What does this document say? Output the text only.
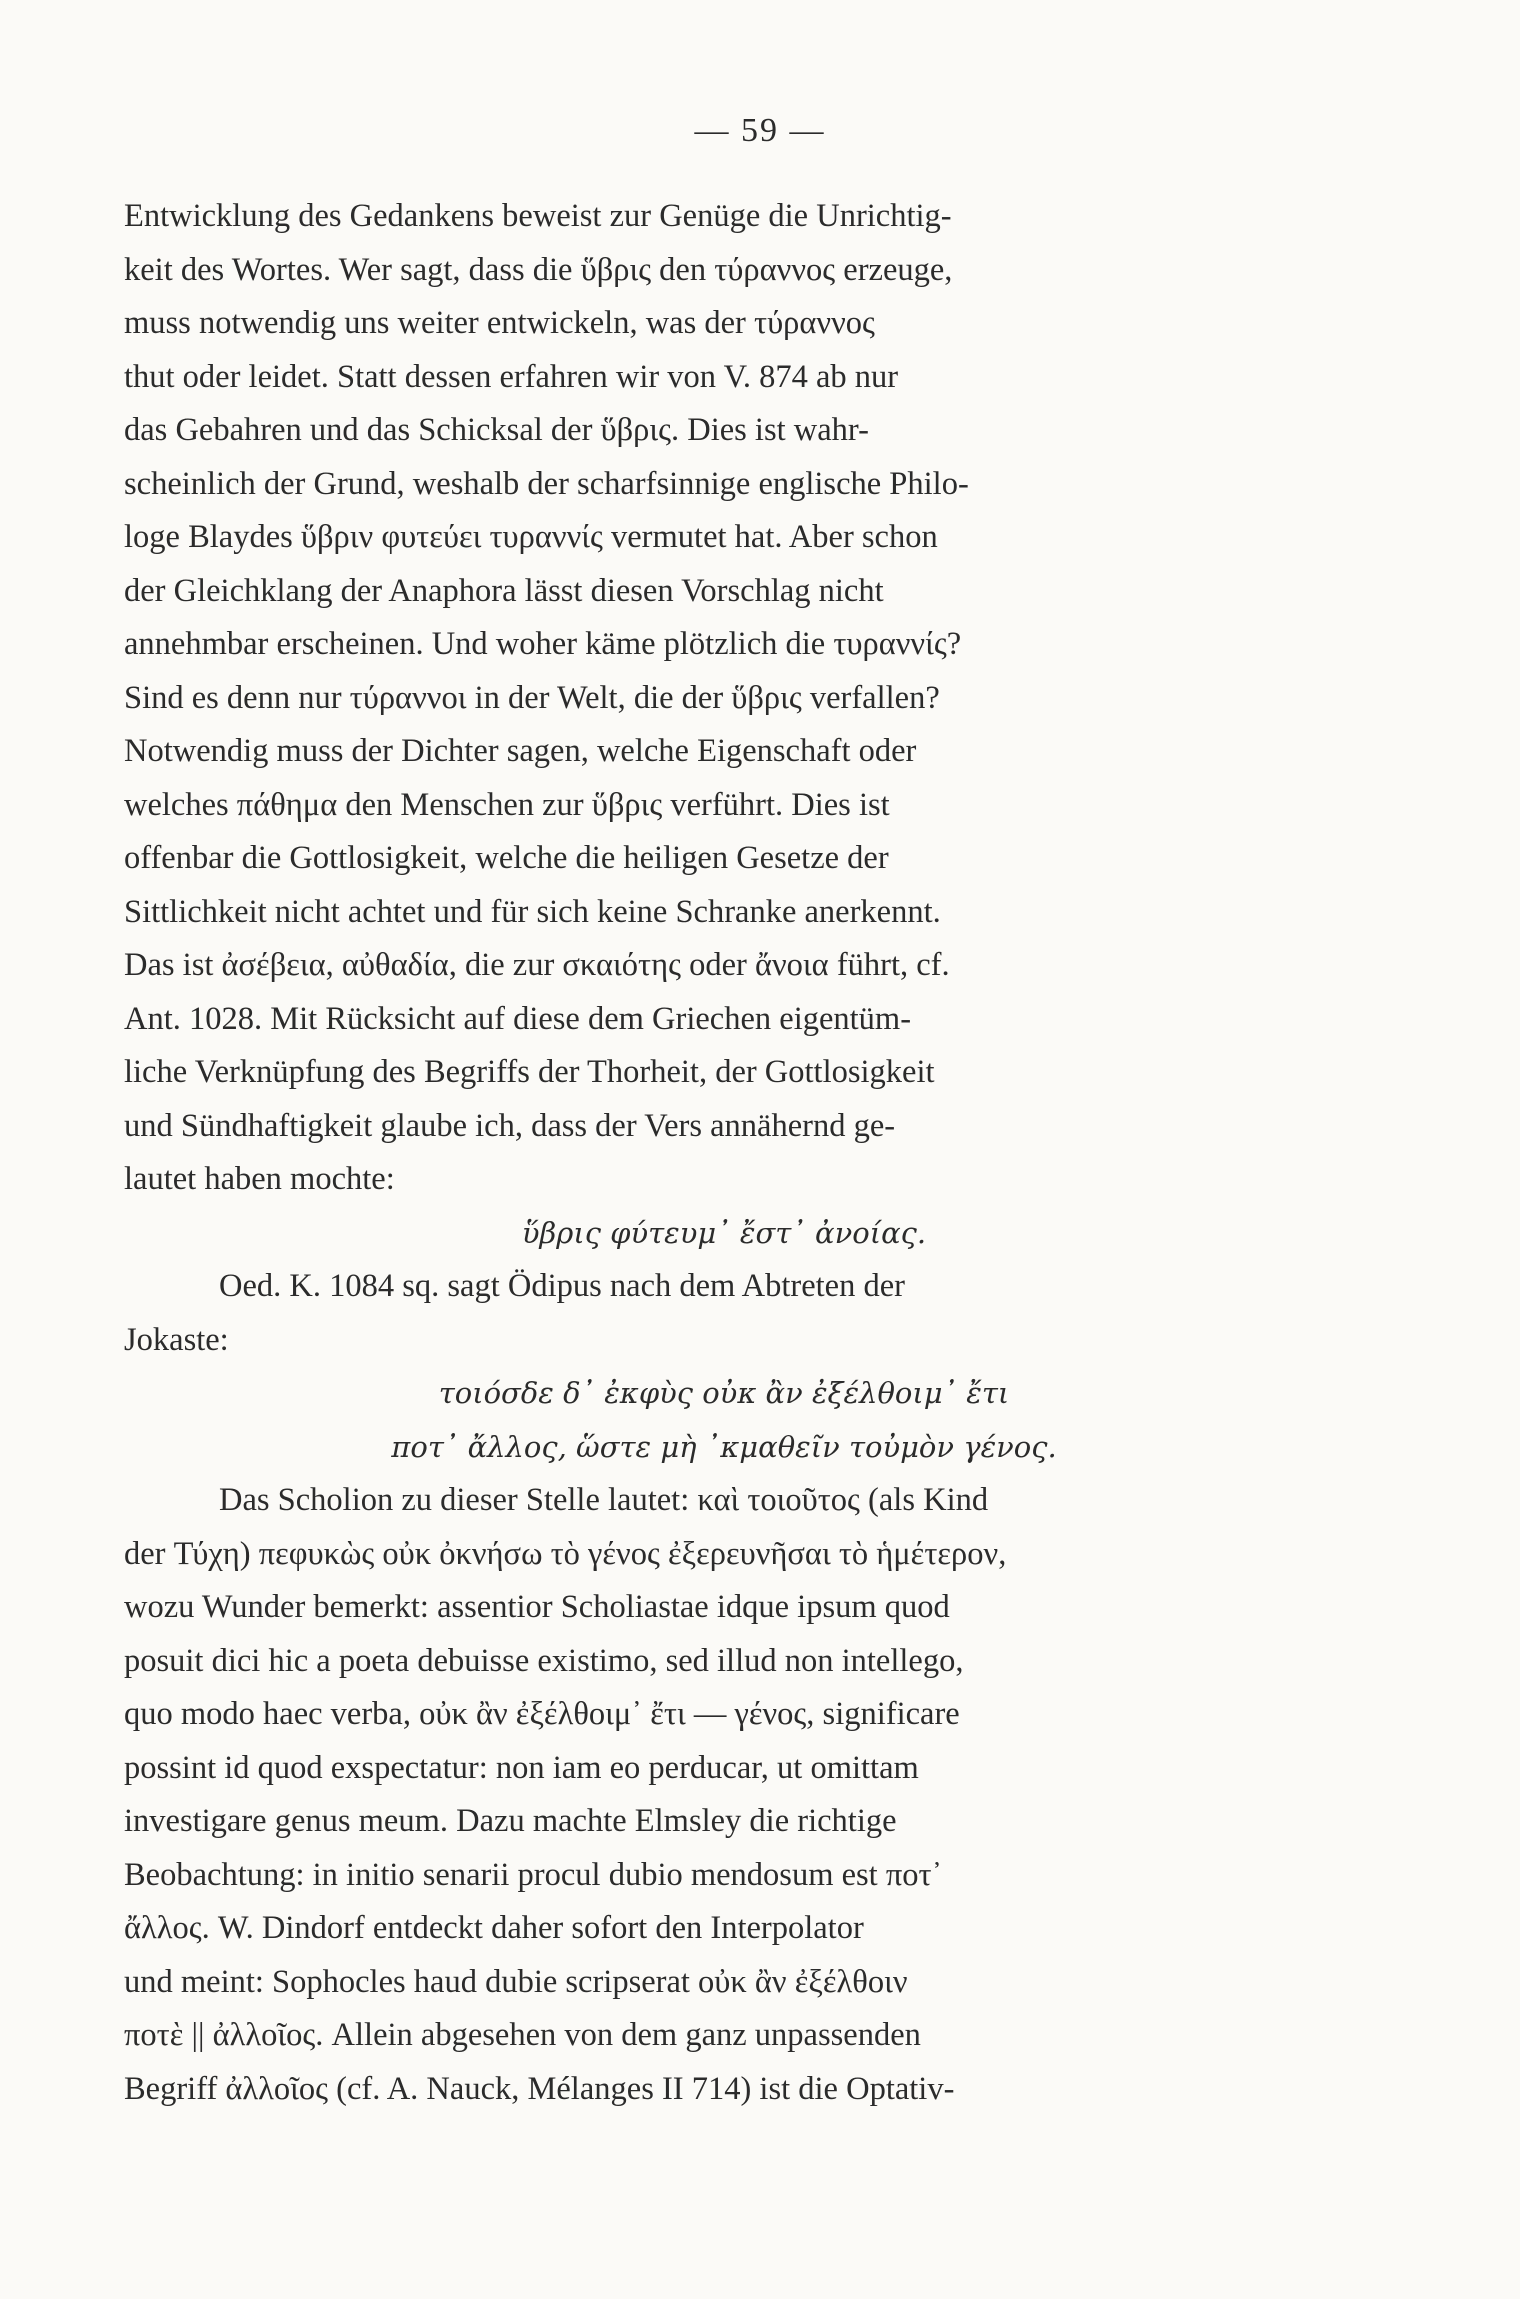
— 59 —
Entwicklung des Gedankens beweist zur Genüge die Unrichtig-
keit des Wortes. Wer sagt, dass die ὕβρις den τύραννος erzeuge,
muss notwendig uns weiter entwickeln, was der τύραννος
thut oder leidet. Statt dessen erfahren wir von V. 874 ab nur
das Gebahren und das Schicksal der ὕβρις. Dies ist wahr-
scheinlich der Grund, weshalb der scharfsinnige englische Philo-
loge Blaydes ὕβριν φυτεύει τυραννίς vermutet hat. Aber schon
der Gleichklang der Anaphora lässt diesen Vorschlag nicht
annehmbar erscheinen. Und woher käme plötzlich die τυραννίς?
Sind es denn nur τύραννοι in der Welt, die der ὕβρις verfallen?
Notwendig muss der Dichter sagen, welche Eigenschaft oder
welches πάθημα den Menschen zur ὕβρις verführt. Dies ist
offenbar die Gottlosigkeit, welche die heiligen Gesetze der
Sittlichkeit nicht achtet und für sich keine Schranke anerkennt.
Das ist ἀσέβεια, αὐθαδία, die zur σκαιότης oder ἄνοια führt, cf.
Ant. 1028. Mit Rücksicht auf diese dem Griechen eigentüm-
liche Verknüpfung des Begriffs der Thorheit, der Gottlosigkeit
und Sündhaftigkeit glaube ich, dass der Vers annähernd ge-
lautet haben mochte:
ὕβρις φύτευμ᾽ ἔστ᾽ ἀνοίας.
Oed. K. 1084 sq. sagt Ödipus nach dem Abtreten der
Jokaste:
τοιόσδε δ᾽ ἐκφὺς οὐκ ἂν ἐξέλθοιμ᾽ ἔτι
ποτ᾽ ἄλλος, ὥστε μὴ ᾽κμαθεῖν τοὐμὸν γένος.
Das Scholion zu dieser Stelle lautet: καὶ τοιοῦτος (als Kind
der Τύχη) πεφυκὼς οὐκ ὀκνήσω τὸ γένος ἐξερευνῆσαι τὸ ἡμέτερον,
wozu Wunder bemerkt: assentior Scholiastae idque ipsum quod
posuit dici hic a poeta debuisse existimo, sed illud non intellego,
quo modo haec verba, οὐκ ἂν ἐξέλθοιμ᾽ ἔτι — γένος, significare
possint id quod exspectatur: non iam eo perducar, ut omittam
investigare genus meum. Dazu machte Elmsley die richtige
Beobachtung: in initio senarii procul dubio mendosum est ποτ᾽
ἄλλος. W. Dindorf entdeckt daher sofort den Interpolator
und meint: Sophocles haud dubie scripserat οὐκ ἂν ἐξέλθοιν
ποτὲ || ἀλλοῖος. Allein abgesehen von dem ganz unpassenden
Begriff ἀλλοῖος (cf. A. Nauck, Mélanges II 714) ist die Optativ-
